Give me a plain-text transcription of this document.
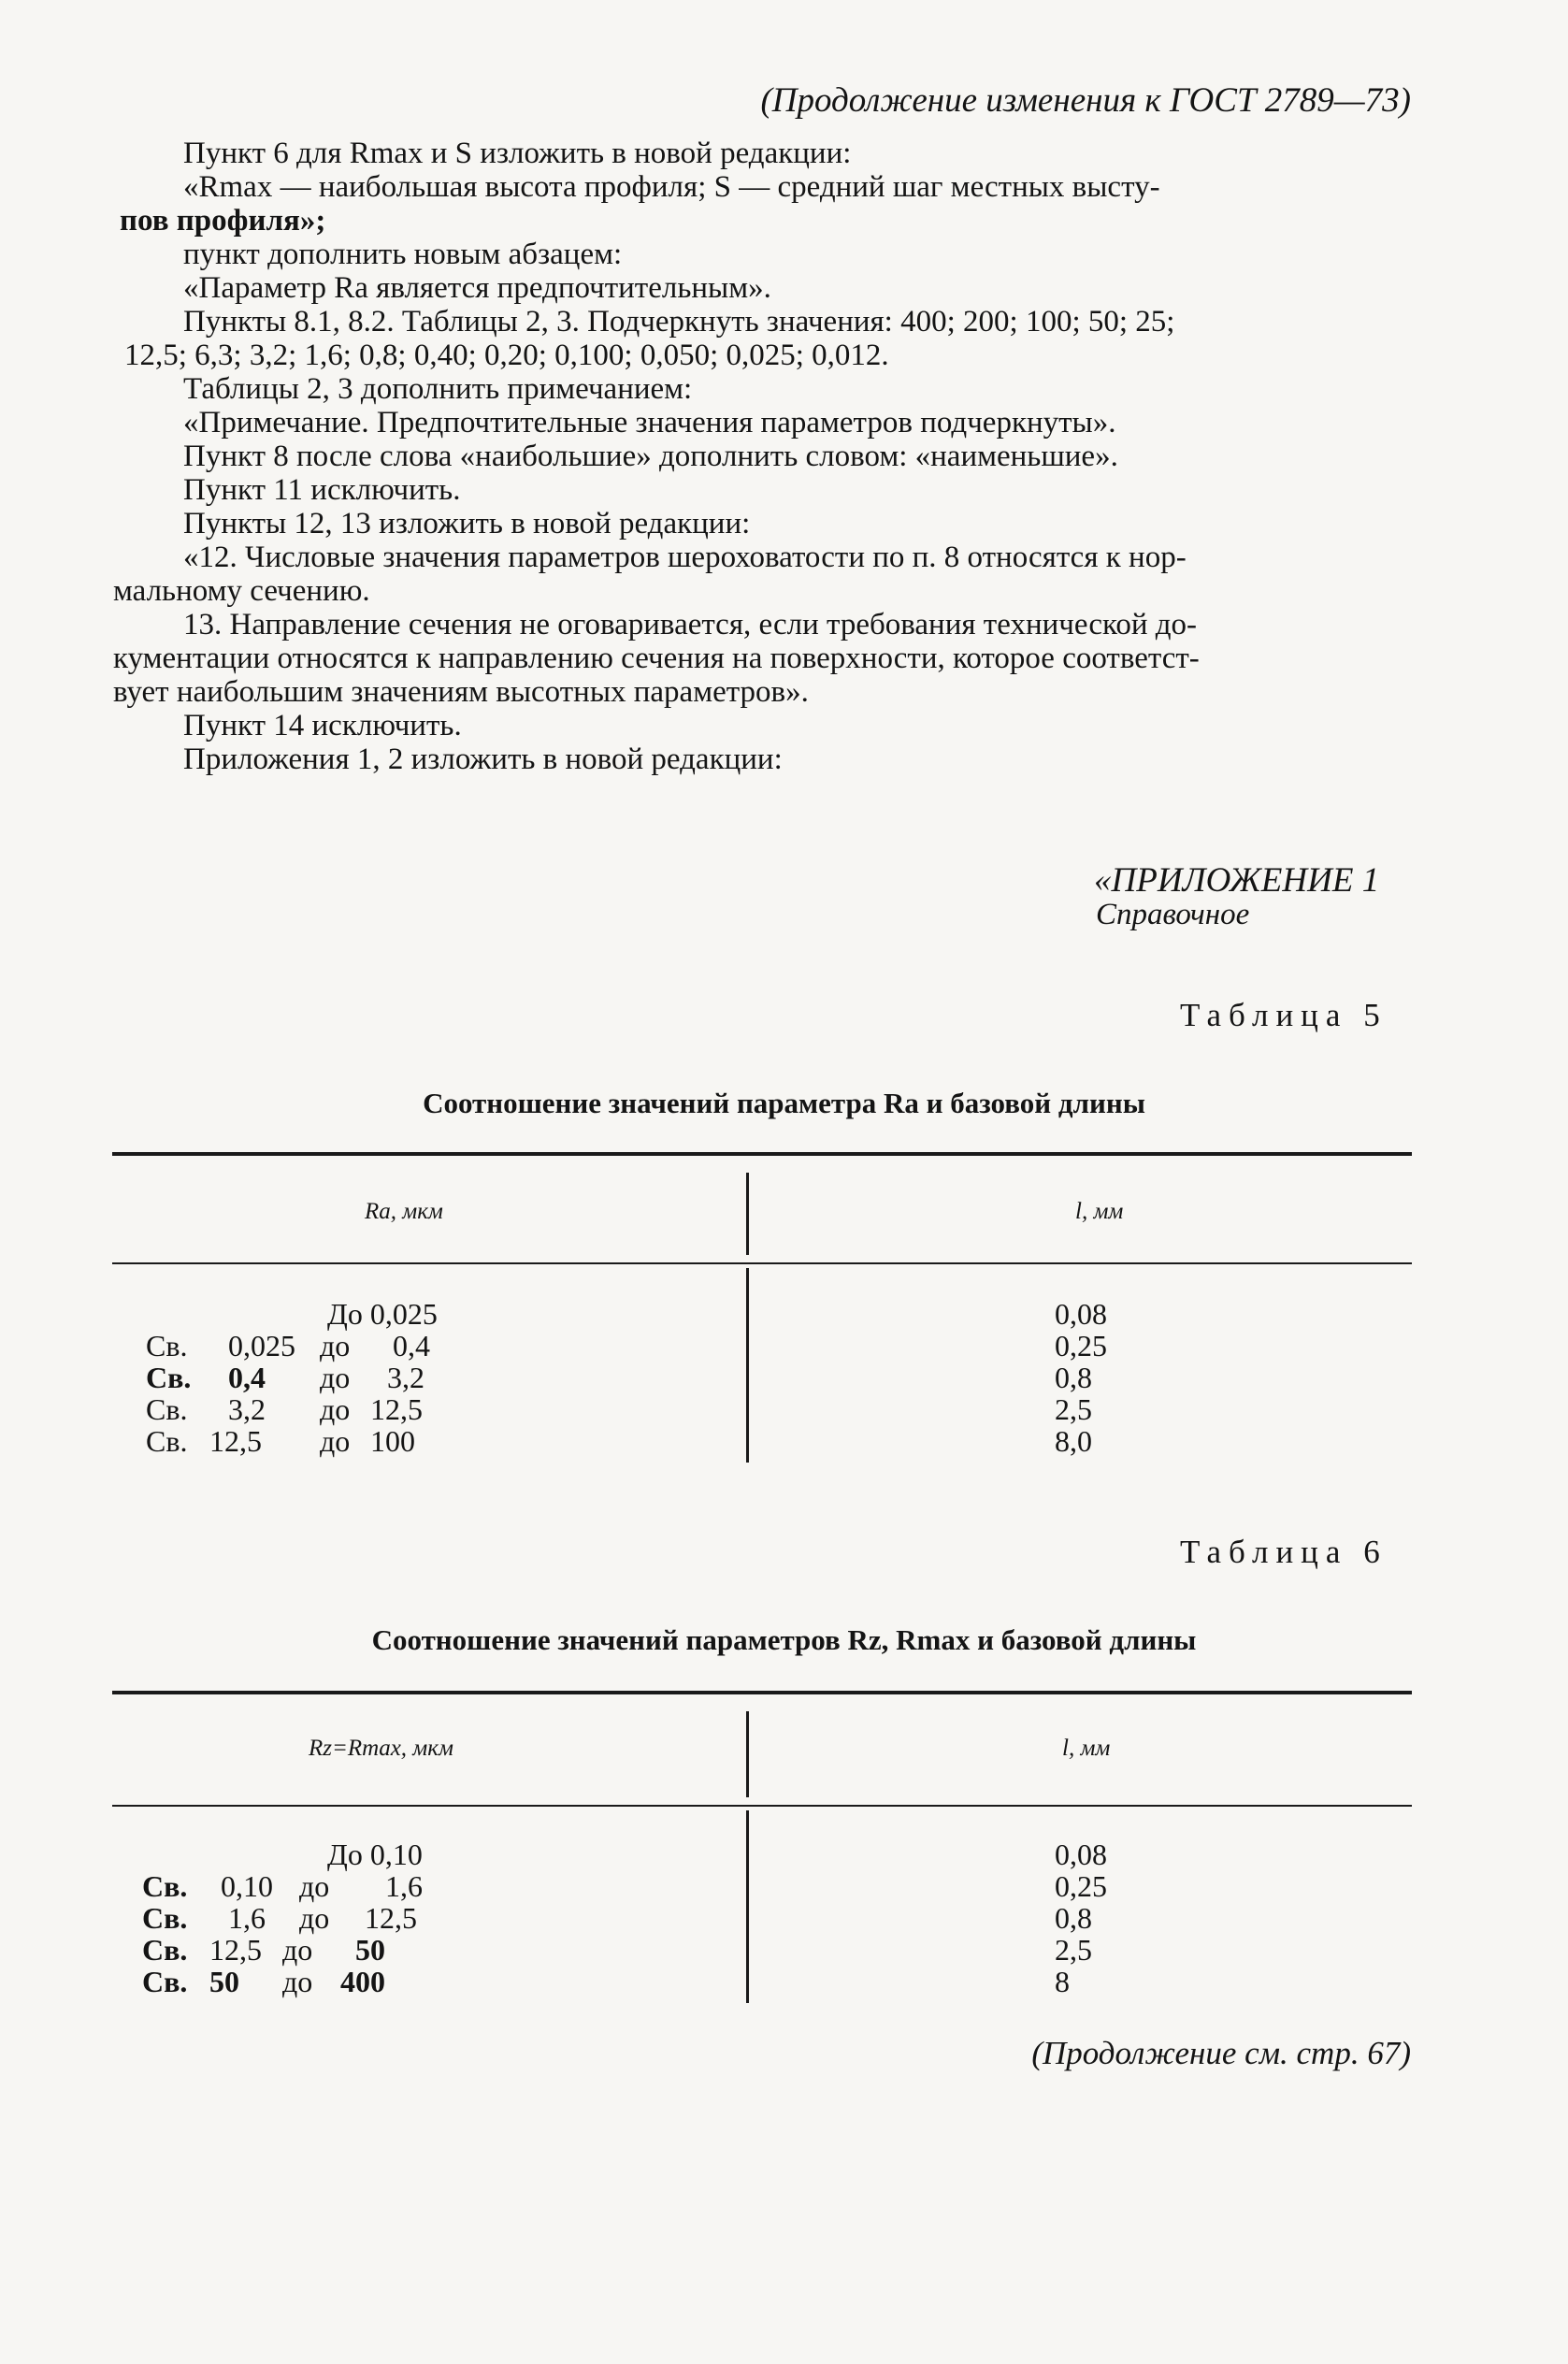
(Продолжение изменения к ГОСТ 2789—73)
Пункт 6 для Rmax и S изложить в новой редакции:
«Rmax — наибольшая высота профиля; S — средний шаг местных высту-
пов профиля»;
пункт дополнить новым абзацем:
«Параметр Ra является предпочтительным».
Пункты 8.1, 8.2. Таблицы 2, 3. Подчеркнуть значения: 400; 200; 100; 50; 25;
12,5; 6,3; 3,2; 1,6; 0,8; 0,40; 0,20; 0,100; 0,050; 0,025; 0,012.
Таблицы 2, 3 дополнить примечанием:
«Примечание. Предпочтительные значения параметров подчеркнуты».
Пункт 8 после слова «наибольшие» дополнить словом: «наименьшие».
Пункт 11 исключить.
Пункты 12, 13 изложить в новой редакции:
«12. Числовые значения параметров шероховатости по п. 8 относятся к нор-
мальному сечению.
13. Направление сечения не оговаривается, если требования технической до-
кументации относятся к направлению сечения на поверхности, которое соответст-
вует наибольшим значениям высотных параметров».
Пункт 14 исключить.
Приложения 1, 2 изложить в новой редакции:
«ПРИЛОЖЕНИЕ 1
Справочное
Таблица 5
Соотношение значений параметра Ra и базовой длины
Ra, мкм	l, мм
До 0,025	0,08
Св. 0,025 до 0,4	0,25
Св. 0,4 до 3,2	0,8
Св. 3,2 до 12,5	2,5
Св. 12,5 до 100	8,0
Таблица 6
Соотношение значений параметров Rz, Rmax и базовой длины
Rz=Rmax, мкм	l, мм
До 0,10	0,08
Св. 0,10 до 1,6	0,25
Св. 1,6 до 12,5	0,8
Св. 12,5 до 50	2,5
Св. 50 до 400	8
(Продолжение см. стр. 67)
